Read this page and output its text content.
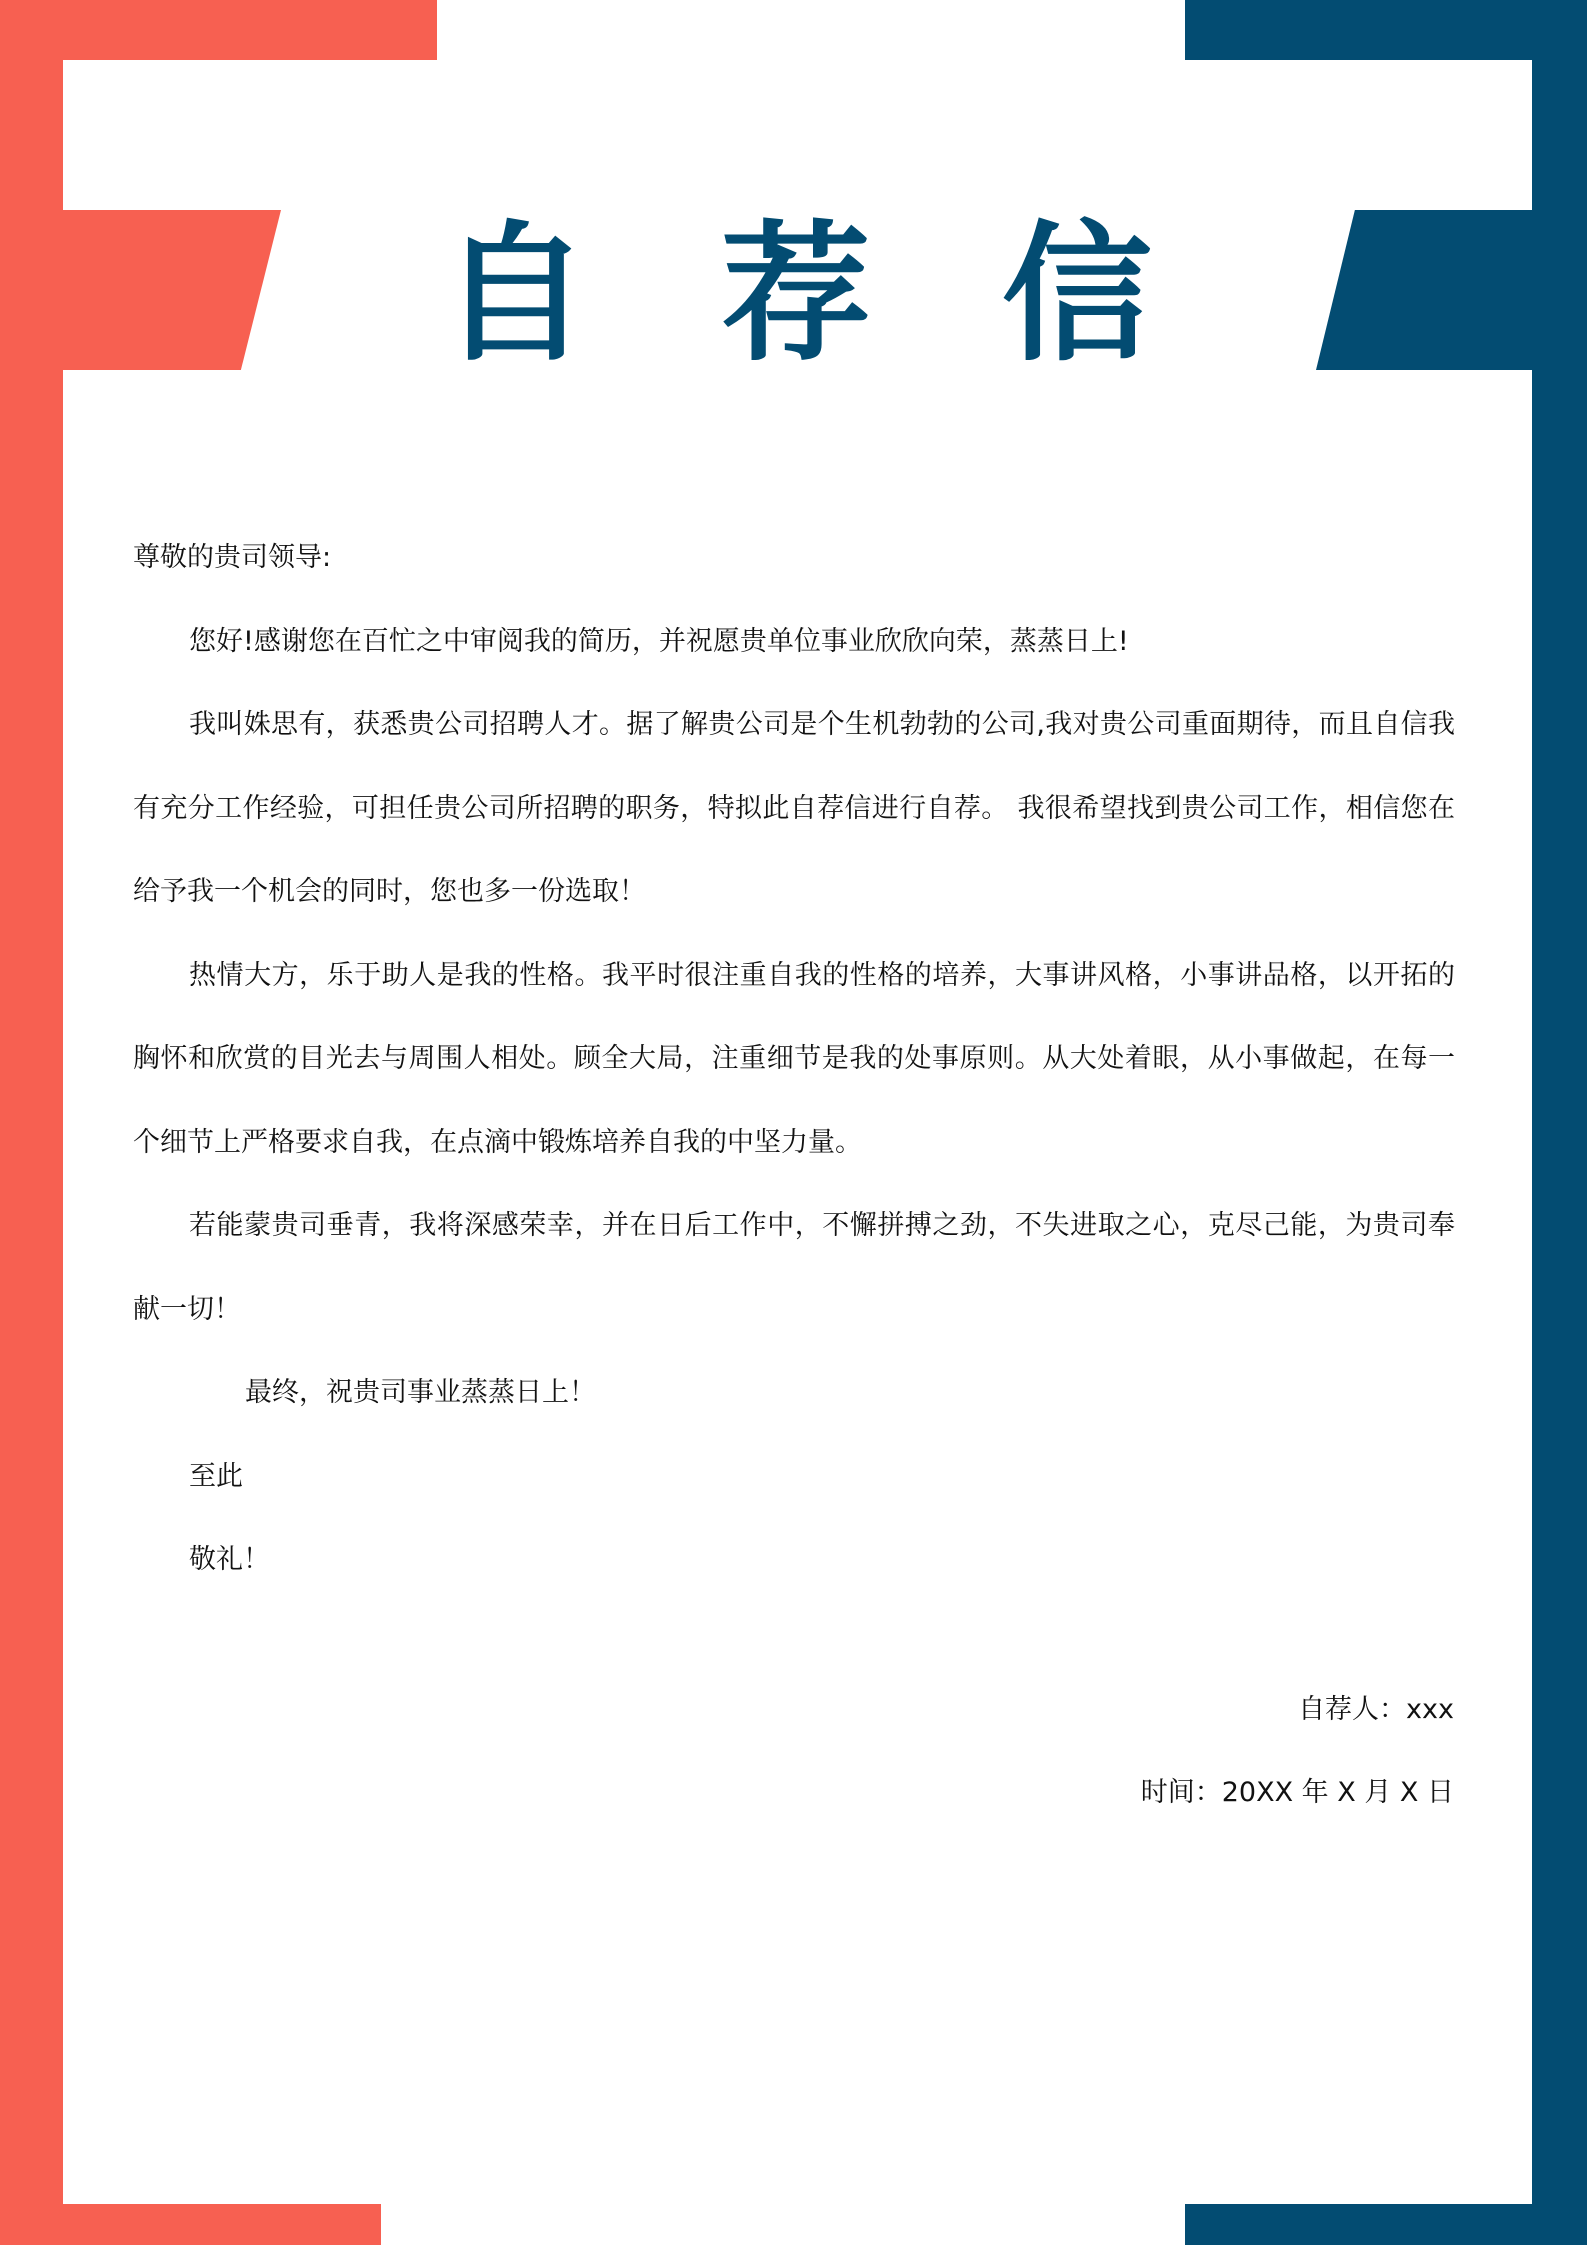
自 荐 信

尊敬的贵司领导:

您好!感谢您在百忙之中审阅我的简历，并祝愿贵单位事业欣欣向荣，蒸蒸日上!

我叫姝思有，获悉贵公司招聘人才。据了解贵公司是个生机勃勃的公司,我对贵公司重面期待，而且自信我有充分工作经验，可担任贵公司所招聘的职务，特拟此自荐信进行自荐。 我很希望找到贵公司工作，相信您在给予我一个机会的同时，您也多一份选取！

热情大方，乐于助人是我的性格。我平时很注重自我的性格的培养，大事讲风格，小事讲品格，以开拓的胸怀和欣赏的目光去与周围人相处。顾全大局，注重细节是我的处事原则。从大处着眼，从小事做起，在每一个细节上严格要求自我，在点滴中锻炼培养自我的中坚力量。

若能蒙贵司垂青，我将深感荣幸，并在日后工作中，不懈拼搏之劲，不失进取之心，克尽己能，为贵司奉献一切！

最终，祝贵司事业蒸蒸日上！

至此

敬礼！

自荐人：xxx
时间：20XX 年 X 月 X 日
